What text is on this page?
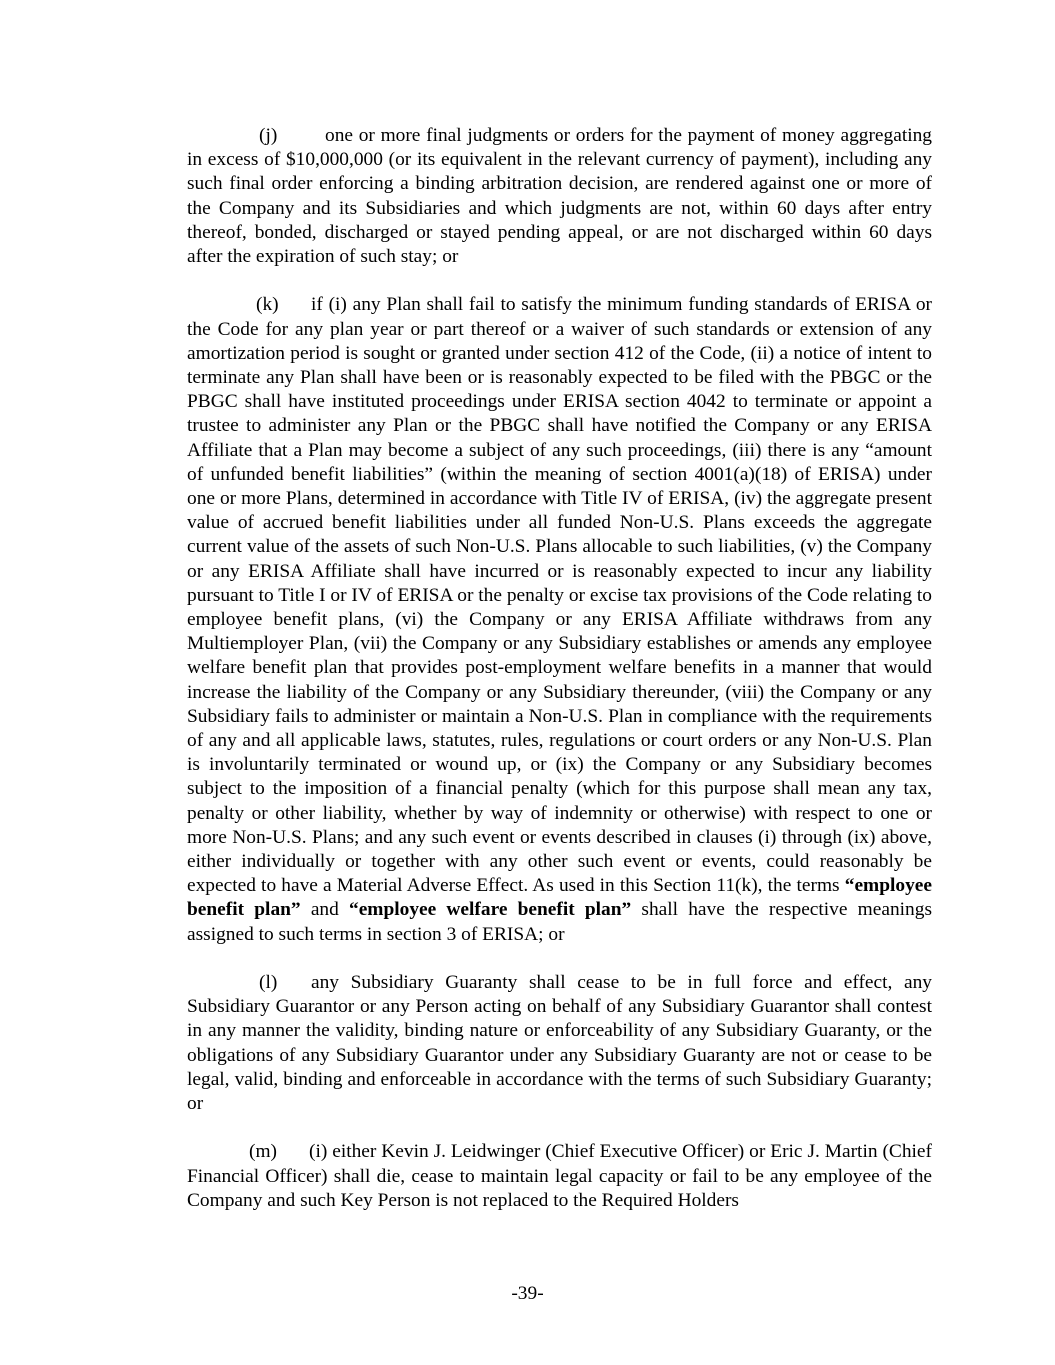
(j) one or more final judgments or orders for the payment of money aggregating in excess of $10,000,000 (or its equivalent in the relevant currency of payment), including any such final order enforcing a binding arbitration decision, are rendered against one or more of the Company and its Subsidiaries and which judgments are not, within 60 days after entry thereof, bonded, discharged or stayed pending appeal, or are not discharged within 60 days after the expiration of such stay; or

(k) if (i) any Plan shall fail to satisfy the minimum funding standards of ERISA or the Code for any plan year or part thereof or a waiver of such standards or extension of any amortization period is sought or granted under section 412 of the Code, (ii) a notice of intent to terminate any Plan shall have been or is reasonably expected to be filed with the PBGC or the PBGC shall have instituted proceedings under ERISA section 4042 to terminate or appoint a trustee to administer any Plan or the PBGC shall have notified the Company or any ERISA Affiliate that a Plan may become a subject of any such proceedings, (iii) there is any “amount of unfunded benefit liabilities” (within the meaning of section 4001(a)(18) of ERISA) under one or more Plans, determined in accordance with Title IV of ERISA, (iv) the aggregate present value of accrued benefit liabilities under all funded Non-U.S. Plans exceeds the aggregate current value of the assets of such Non-U.S. Plans allocable to such liabilities, (v) the Company or any ERISA Affiliate shall have incurred or is reasonably expected to incur any liability pursuant to Title I or IV of ERISA or the penalty or excise tax provisions of the Code relating to employee benefit plans, (vi) the Company or any ERISA Affiliate withdraws from any Multiemployer Plan, (vii) the Company or any Subsidiary establishes or amends any employee welfare benefit plan that provides post-employment welfare benefits in a manner that would increase the liability of the Company or any Subsidiary thereunder, (viii) the Company or any Subsidiary fails to administer or maintain a Non-U.S. Plan in compliance with the requirements of any and all applicable laws, statutes, rules, regulations or court orders or any Non-U.S. Plan is involuntarily terminated or wound up, or (ix) the Company or any Subsidiary becomes subject to the imposition of a financial penalty (which for this purpose shall mean any tax, penalty or other liability, whether by way of indemnity or otherwise) with respect to one or more Non-U.S. Plans; and any such event or events described in clauses (i) through (ix) above, either individually or together with any other such event or events, could reasonably be expected to have a Material Adverse Effect. As used in this Section 11(k), the terms “employee benefit plan” and “employee welfare benefit plan” shall have the respective meanings assigned to such terms in section 3 of ERISA; or

(l) any Subsidiary Guaranty shall cease to be in full force and effect, any Subsidiary Guarantor or any Person acting on behalf of any Subsidiary Guarantor shall contest in any manner the validity, binding nature or enforceability of any Subsidiary Guaranty, or the obligations of any Subsidiary Guarantor under any Subsidiary Guaranty are not or cease to be legal, valid, binding and enforceable in accordance with the terms of such Subsidiary Guaranty; or

(m) (i) either Kevin J. Leidwinger (Chief Executive Officer) or Eric J. Martin (Chief Financial Officer) shall die, cease to maintain legal capacity or fail to be any employee of the Company and such Key Person is not replaced to the Required Holders

-39-
